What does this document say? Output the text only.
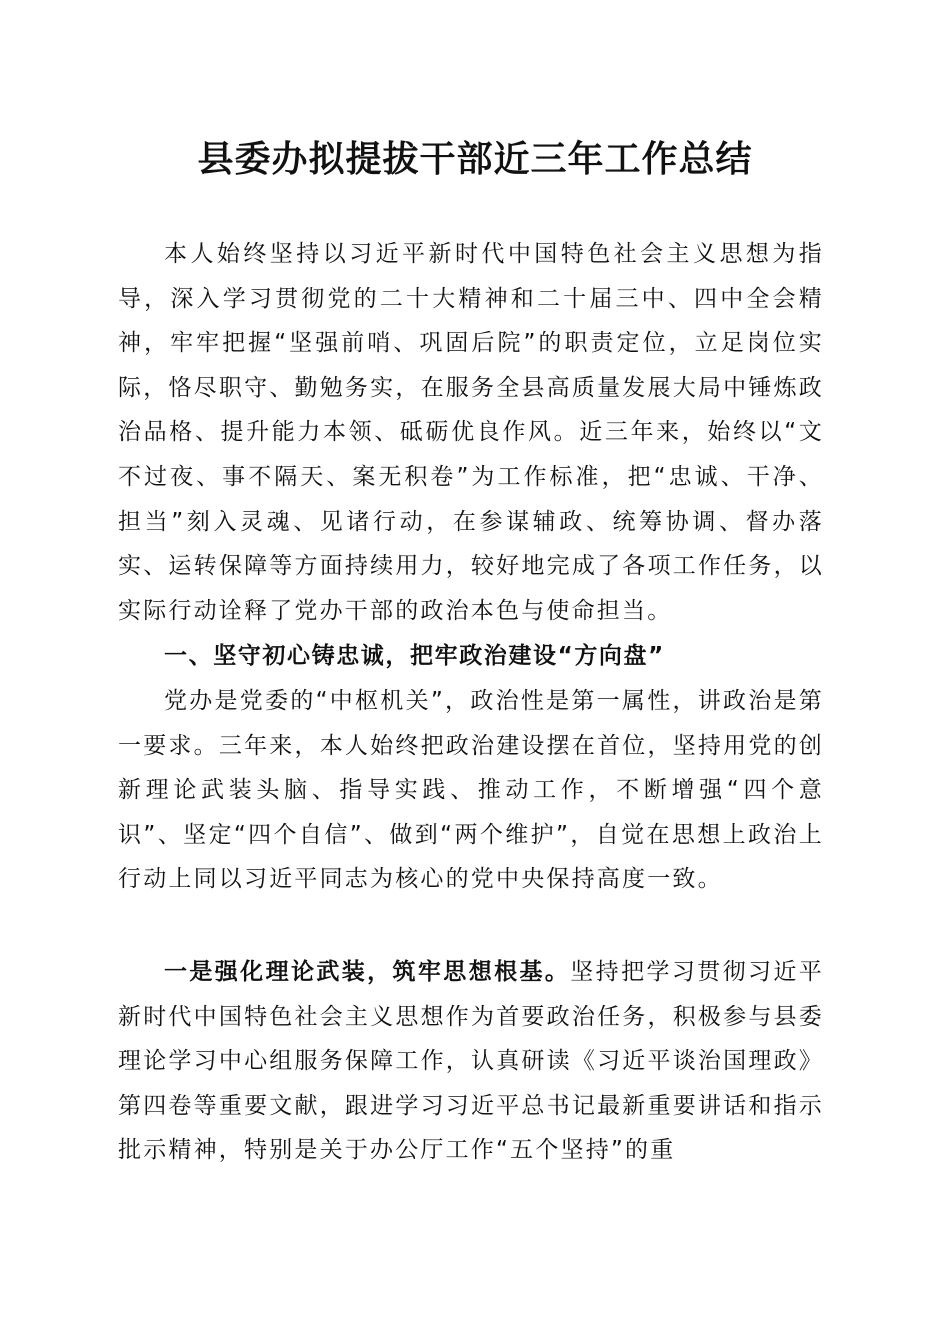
县委办拟提拔干部近三年工作总结

本人始终坚持以习近平新时代中国特色社会主义思想为指导，深入学习贯彻党的二十大精神和二十届三中、四中全会精神，牢牢把握“坚强前哨、巩固后院”的职责定位，立足岗位实际，恪尽职守、勤勉务实，在服务全县高质量发展大局中锤炼政治品格、提升能力本领、砥砺优良作风。近三年来，始终以“文不过夜、事不隔天、案无积卷”为工作标准，把“忠诚、干净、担当”刻入灵魂、见诸行动，在参谋辅政、统筹协调、督办落实、运转保障等方面持续用力，较好地完成了各项工作任务，以实际行动诠释了党办干部的政治本色与使命担当。

一、坚守初心铸忠诚，把牢政治建设“方向盘”

党办是党委的“中枢机关”，政治性是第一属性，讲政治是第一要求。三年来，本人始终把政治建设摆在首位，坚持用党的创新理论武装头脑、指导实践、推动工作，不断增强“四个意识”、坚定“四个自信”、做到“两个维护”，自觉在思想上政治上行动上同以习近平同志为核心的党中央保持高度一致。

一是强化理论武装，筑牢思想根基。坚持把学习贯彻习近平新时代中国特色社会主义思想作为首要政治任务，积极参与县委理论学习中心组服务保障工作，认真研读《习近平谈治国理政》第四卷等重要文献，跟进学习习近平总书记最新重要讲话和指示批示精神，特别是关于办公厅工作“五个坚持”的重
